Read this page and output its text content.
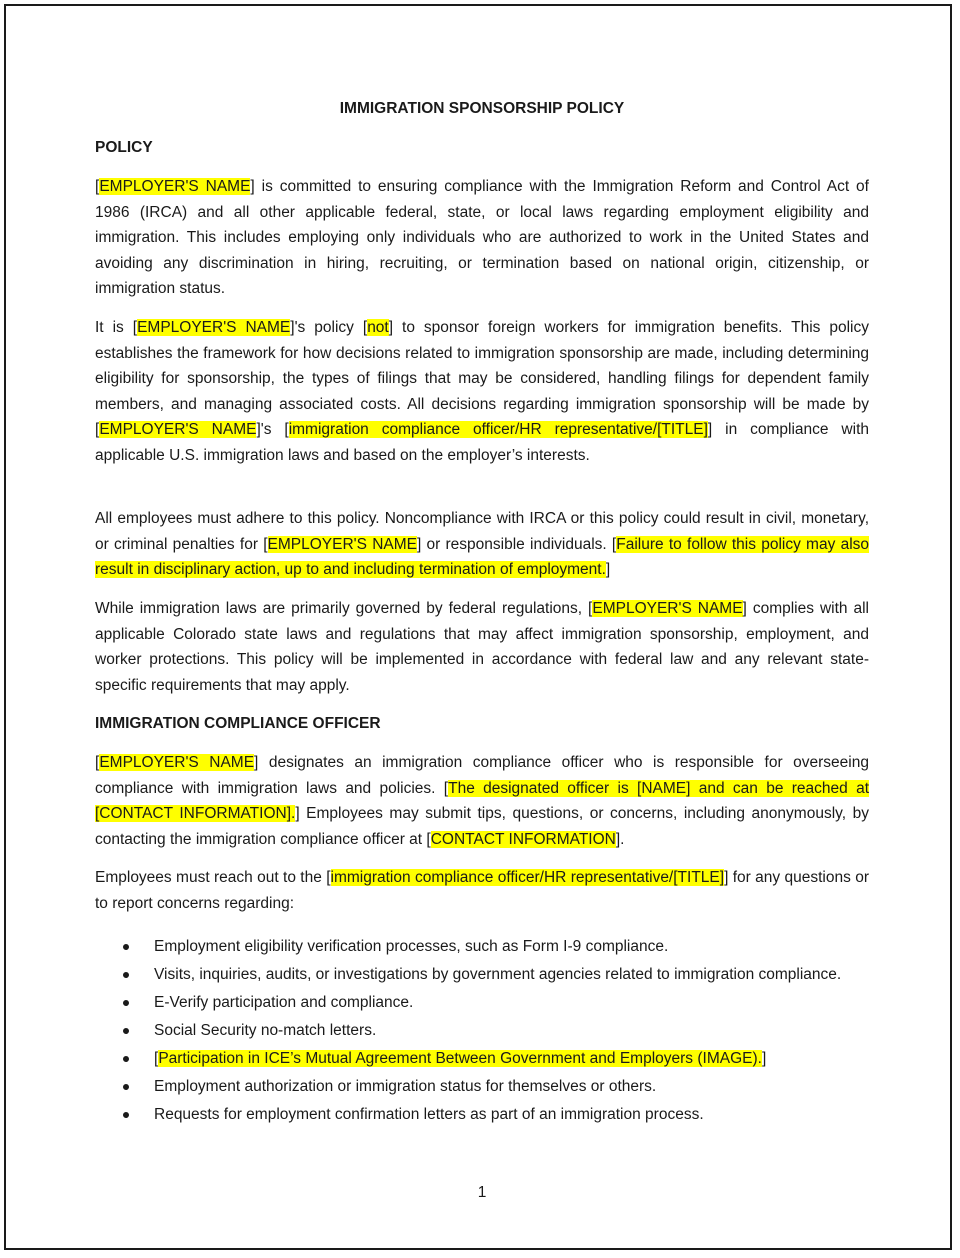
IMMIGRATION SPONSORSHIP POLICY
POLICY

[EMPLOYER'S NAME] is committed to ensuring compliance with the Immigration Reform and Control Act of 1986 (IRCA) and all other applicable federal, state, or local laws regarding employment eligibility and immigration. This includes employing only individuals who are authorized to work in the United States and avoiding any discrimination in hiring, recruiting, or termination based on national origin, citizenship, or immigration status.

It is [EMPLOYER'S NAME]'s policy [not] to sponsor foreign workers for immigration benefits. This policy establishes the framework for how decisions related to immigration sponsorship are made, including determining eligibility for sponsorship, the types of filings that may be considered, handling filings for dependent family members, and managing associated costs. All decisions regarding immigration sponsorship will be made by [EMPLOYER'S NAME]'s [immigration compliance officer/HR representative/[TITLE]] in compliance with applicable U.S. immigration laws and based on the employer’s interests.

All employees must adhere to this policy. Noncompliance with IRCA or this policy could result in civil, monetary, or criminal penalties for [EMPLOYER'S NAME] or responsible individuals. [Failure to follow this policy may also result in disciplinary action, up to and including termination of employment.]

While immigration laws are primarily governed by federal regulations, [EMPLOYER'S NAME] complies with all applicable Colorado state laws and regulations that may affect immigration sponsorship, employment, and worker protections. This policy will be implemented in accordance with federal law and any relevant state-specific requirements that may apply.

IMMIGRATION COMPLIANCE OFFICER

[EMPLOYER'S NAME] designates an immigration compliance officer who is responsible for overseeing compliance with immigration laws and policies. [The designated officer is [NAME] and can be reached at [CONTACT INFORMATION].] Employees may submit tips, questions, or concerns, including anonymously, by contacting the immigration compliance officer at [CONTACT INFORMATION].

Employees must reach out to the [immigration compliance officer/HR representative/[TITLE]] for any questions or to report concerns regarding:

Employment eligibility verification processes, such as Form I-9 compliance.
Visits, inquiries, audits, or investigations by government agencies related to immigration compliance.
E-Verify participation and compliance.
Social Security no-match letters.
[Participation in ICE’s Mutual Agreement Between Government and Employers (IMAGE).]
Employment authorization or immigration status for themselves or others.
Requests for employment confirmation letters as part of an immigration process.
1
